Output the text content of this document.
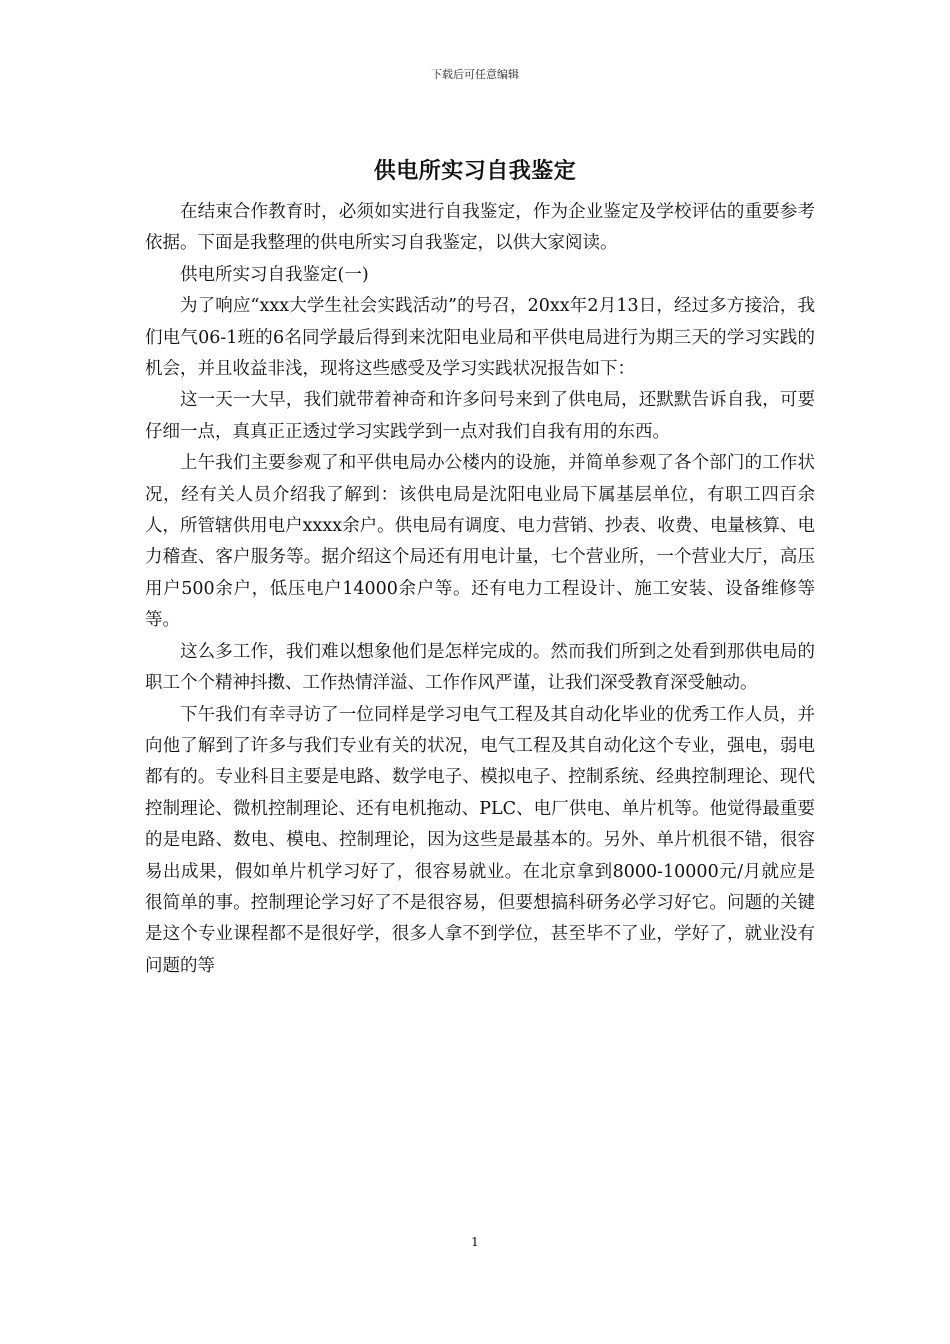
下载后可任意编辑
供电所实习自我鉴定

在结束合作教育时，必须如实进行自我鉴定，作为企业鉴定及学校评估的重要参考依据。下面是我整理的供电所实习自我鉴定，以供大家阅读。

供电所实习自我鉴定(一)

为了响应“xxx大学生社会实践活动”的号召，20xx年2月13日，经过多方接洽，我们电气06-1班的6名同学最后得到来沈阳电业局和平供电局进行为期三天的学习实践的机会，并且收益非浅，现将这些感受及学习实践状况报告如下：

这一天一大早，我们就带着神奇和许多问号来到了供电局，还默默告诉自我，可要仔细一点，真真正正透过学习实践学到一点对我们自我有用的东西。

上午我们主要参观了和平供电局办公楼内的设施，并简单参观了各个部门的工作状况，经有关人员介绍我了解到：该供电局是沈阳电业局下属基层单位，有职工四百余人，所管辖供用电户xxxx余户。供电局有调度、电力营销、抄表、收费、电量核算、电力稽查、客户服务等。据介绍这个局还有用电计量，七个营业所，一个营业大厅，高压用户500余户，低压电户14000余户等。还有电力工程设计、施工安装、设备维修等等。

这么多工作，我们难以想象他们是怎样完成的。然而我们所到之处看到那供电局的职工个个精神抖擞、工作热情洋溢、工作作风严谨，让我们深受教育深受触动。

下午我们有幸寻访了一位同样是学习电气工程及其自动化毕业的优秀工作人员，并向他了解到了许多与我们专业有关的状况，电气工程及其自动化这个专业，强电，弱电都有的。专业科目主要是电路、数学电子、模拟电子、控制系统、经典控制理论、现代控制理论、微机控制理论、还有电机拖动、PLC、电厂供电、单片机等。他觉得最重要的是电路、数电、模电、控制理论，因为这些是最基本的。另外、单片机很不错，很容易出成果，假如单片机学习好了，很容易就业。在北京拿到8000-10000元/月就应是很简单的事。控制理论学习好了不是很容易，但要想搞科研务必学习好它。问题的关键是这个专业课程都不是很好学，很多人拿不到学位，甚至毕不了业，学好了，就业没有问题的等

1
